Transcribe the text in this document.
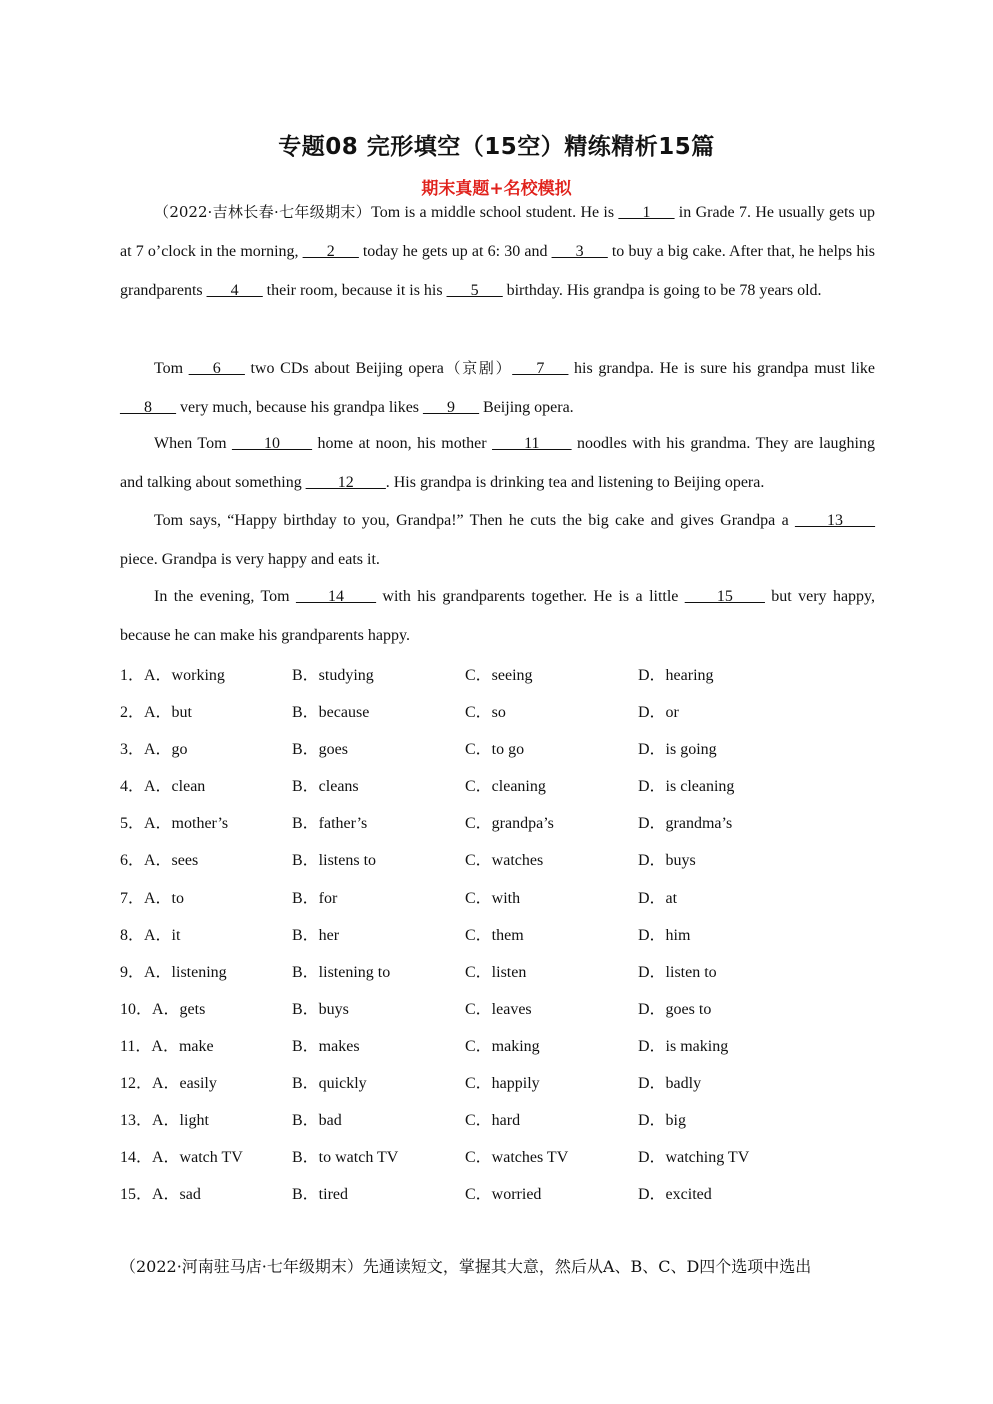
专题08 完形填空（15空）精练精析15篇
期末真题+名校模拟
（2022·吉林长春·七年级期末）Tom is a middle school student. He is ___1___ in Grade 7. He usually gets up at 7 o’clock in the morning, ___2___ today he gets up at 6: 30 and ___3___ to buy a big cake. After that, he helps his grandparents ___4___ their room, because it is his ___5___ birthday. His grandpa is going to be 78 years old.
Tom ___6___ two CDs about Beijing opera（京剧）___7___ his grandpa. He is sure his grandpa must like ___8___ very much, because his grandpa likes ___9___ Beijing opera.
When Tom ____10____ home at noon, his mother ____11____ noodles with his grandma. They are laughing and talking about something ____12____. His grandpa is drinking tea and listening to Beijing opera.
Tom says, “Happy birthday to you, Grandpa!” Then he cuts the big cake and gives Grandpa a ____13____ piece. Grandpa is very happy and eats it.
In the evening, Tom ____14____ with his grandparents together. He is a little ____15____ but very happy, because he can make his grandparents happy.
1．A．working	B．studying	C．seeing	D．hearing
2．A．but	B．because	C．so	D．or
3．A．go	B．goes	C．to go	D．is going
4．A．clean	B．cleans	C．cleaning	D．is cleaning
5．A．mother’s	B．father’s	C．grandpa’s	D．grandma’s
6．A．sees	B．listens to	C．watches	D．buys
7．A．to	B．for	C．with	D．at
8．A．it	B．her	C．them	D．him
9．A．listening	B．listening to	C．listen	D．listen to
10．A．gets	B．buys	C．leaves	D．goes to
11．A．make	B．makes	C．making	D．is making
12．A．easily	B．quickly	C．happily	D．badly
13．A．light	B．bad	C．hard	D．big
14．A．watch TV	B．to watch TV	C．watches TV	D．watching TV
15．A．sad	B．tired	C．worried	D．excited
（2022·河南驻马店·七年级期末）先通读短文，掌握其大意，然后从A、B、C、D四个选项中选出
